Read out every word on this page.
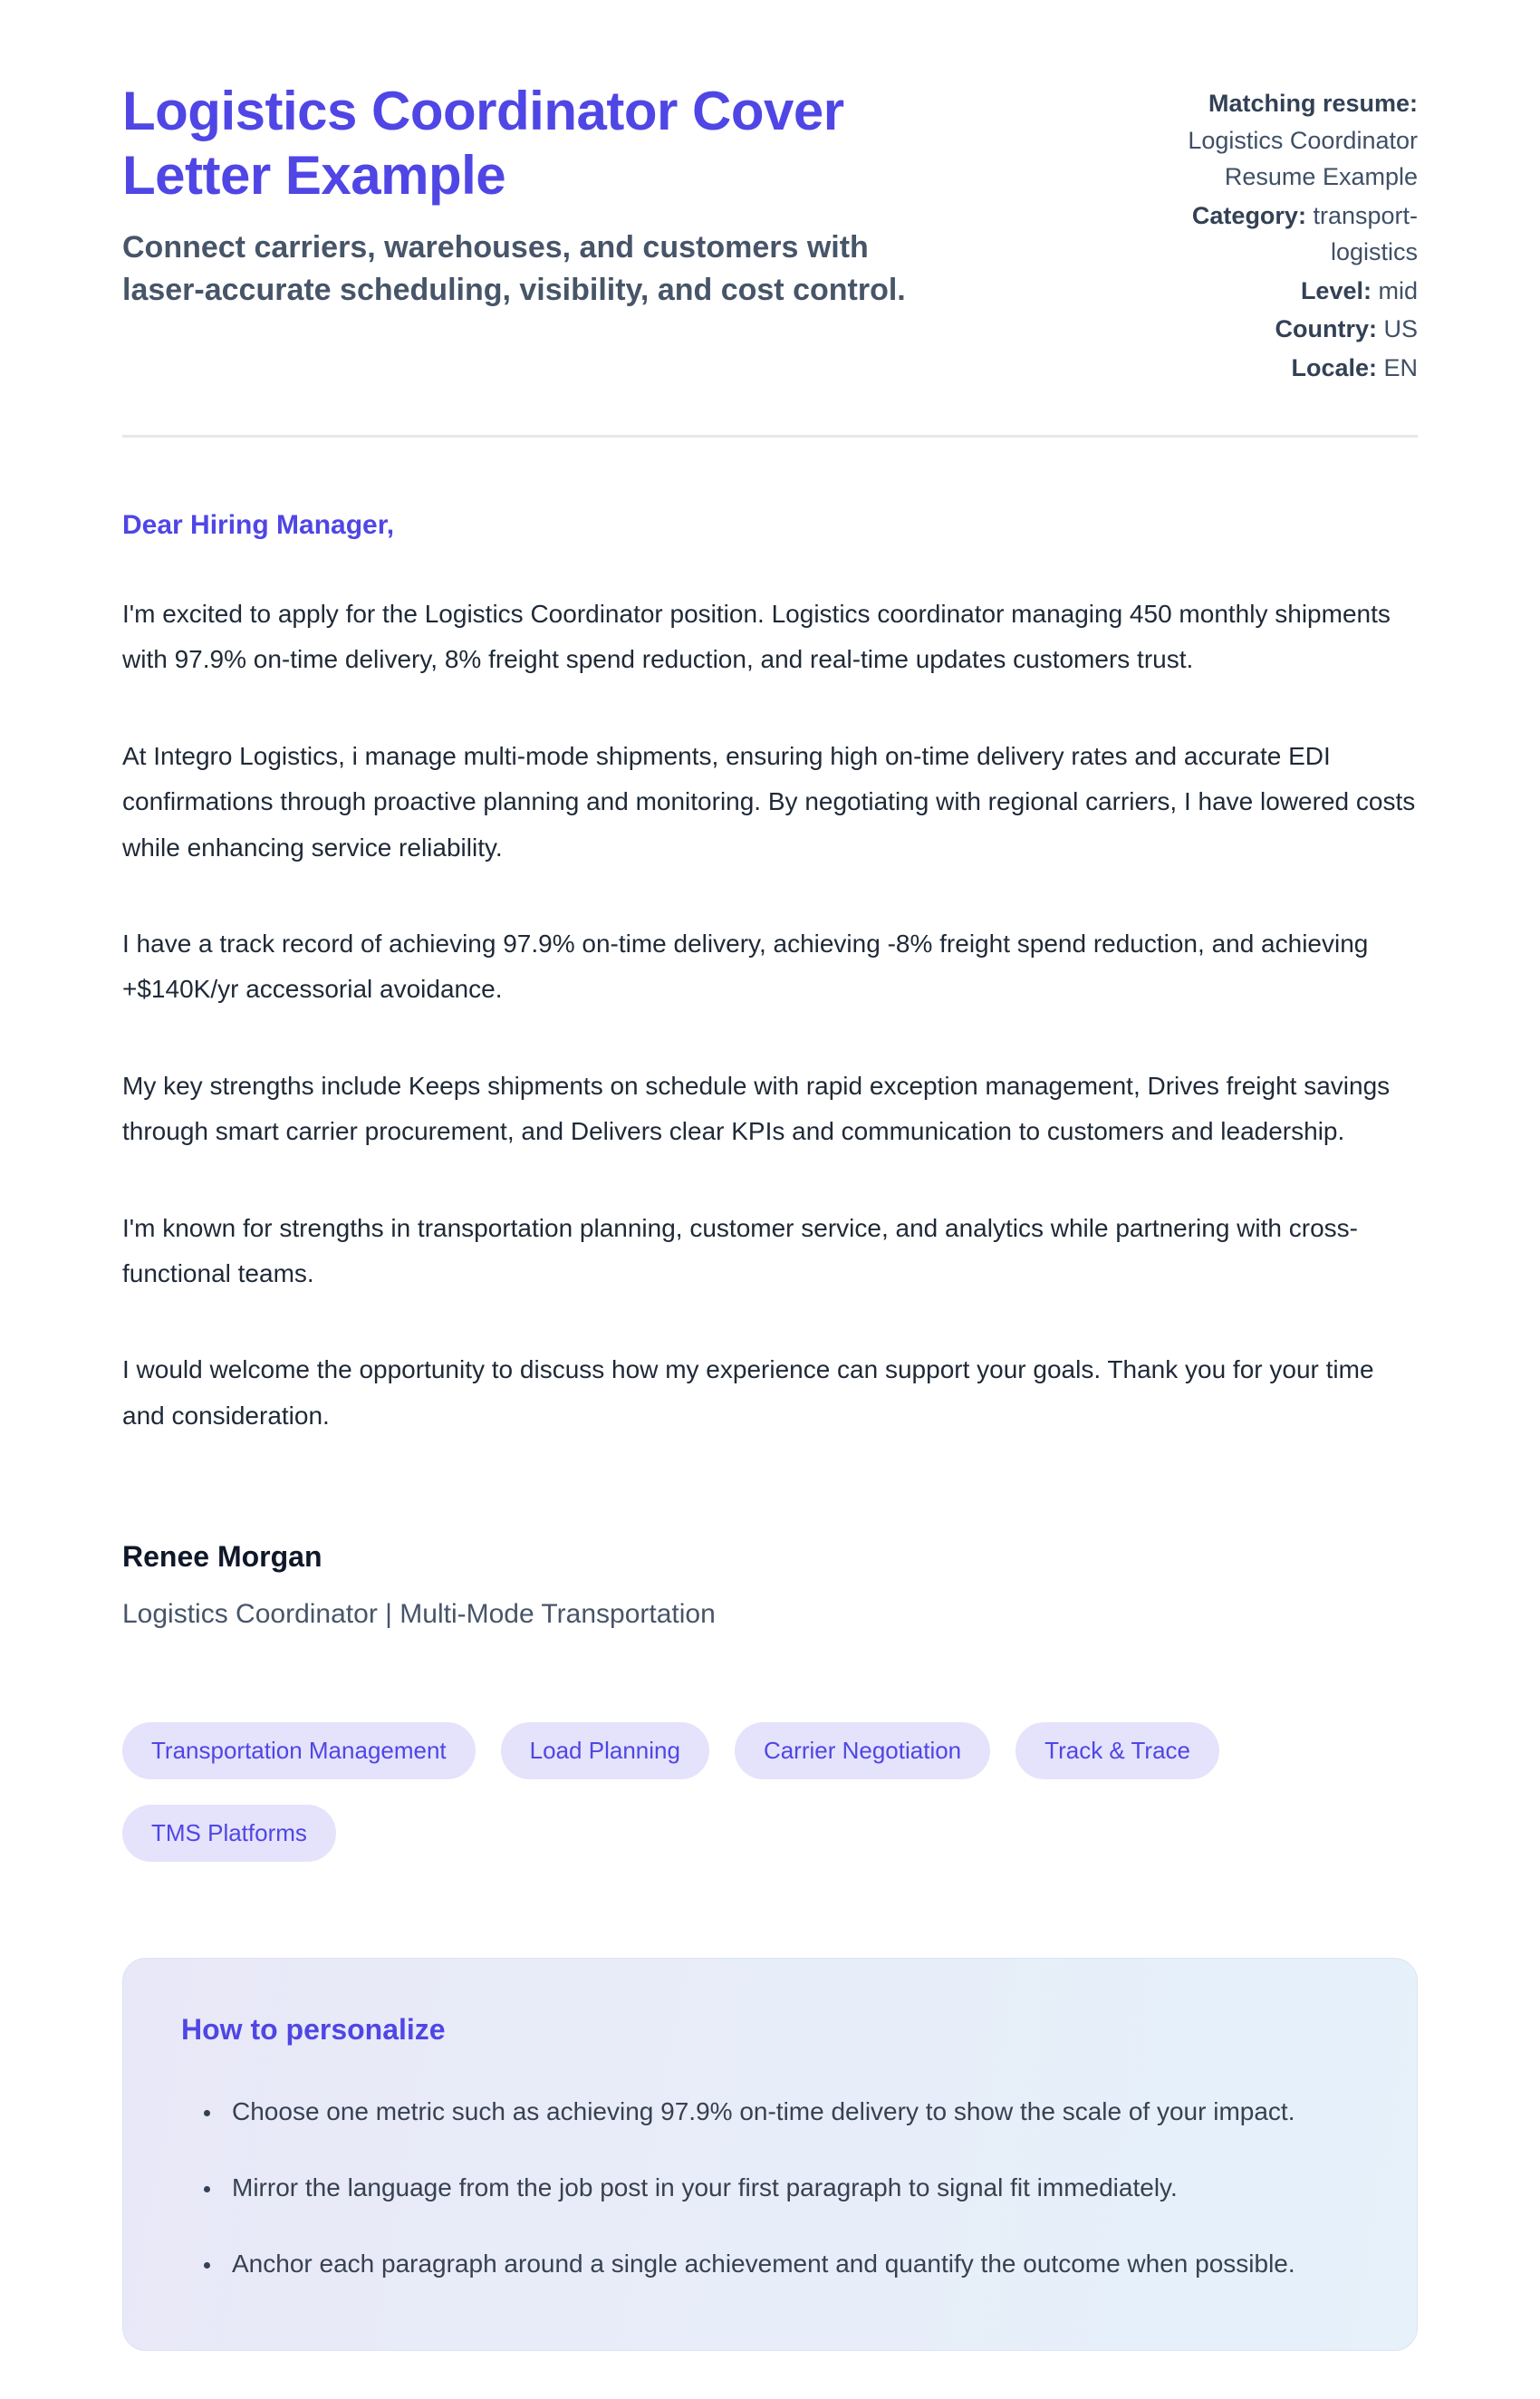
Logistics Coordinator Cover Letter Example
Connect carriers, warehouses, and customers with laser-accurate scheduling, visibility, and cost control.
Matching resume: Logistics Coordinator Resume Example
Category: transport-logistics
Level: mid
Country: US
Locale: EN
Dear Hiring Manager,

I'm excited to apply for the Logistics Coordinator position. Logistics coordinator managing 450 monthly shipments with 97.9% on-time delivery, 8% freight spend reduction, and real-time updates customers trust.

At Integro Logistics, i manage multi-mode shipments, ensuring high on-time delivery rates and accurate EDI confirmations through proactive planning and monitoring. By negotiating with regional carriers, I have lowered costs while enhancing service reliability.

I have a track record of achieving 97.9% on-time delivery, achieving -8% freight spend reduction, and achieving +$140K/yr accessorial avoidance.

My key strengths include Keeps shipments on schedule with rapid exception management, Drives freight savings through smart carrier procurement, and Delivers clear KPIs and communication to customers and leadership.

I'm known for strengths in transportation planning, customer service, and analytics while partnering with cross-functional teams.

I would welcome the opportunity to discuss how my experience can support your goals. Thank you for your time and consideration.

Renee Morgan
Logistics Coordinator | Multi-Mode Transportation
Transportation Management	Load Planning	Carrier Negotiation	Track & Trace
TMS Platforms
How to personalize
• Choose one metric such as achieving 97.9% on-time delivery to show the scale of your impact.
• Mirror the language from the job post in your first paragraph to signal fit immediately.
• Anchor each paragraph around a single achievement and quantify the outcome when possible.
